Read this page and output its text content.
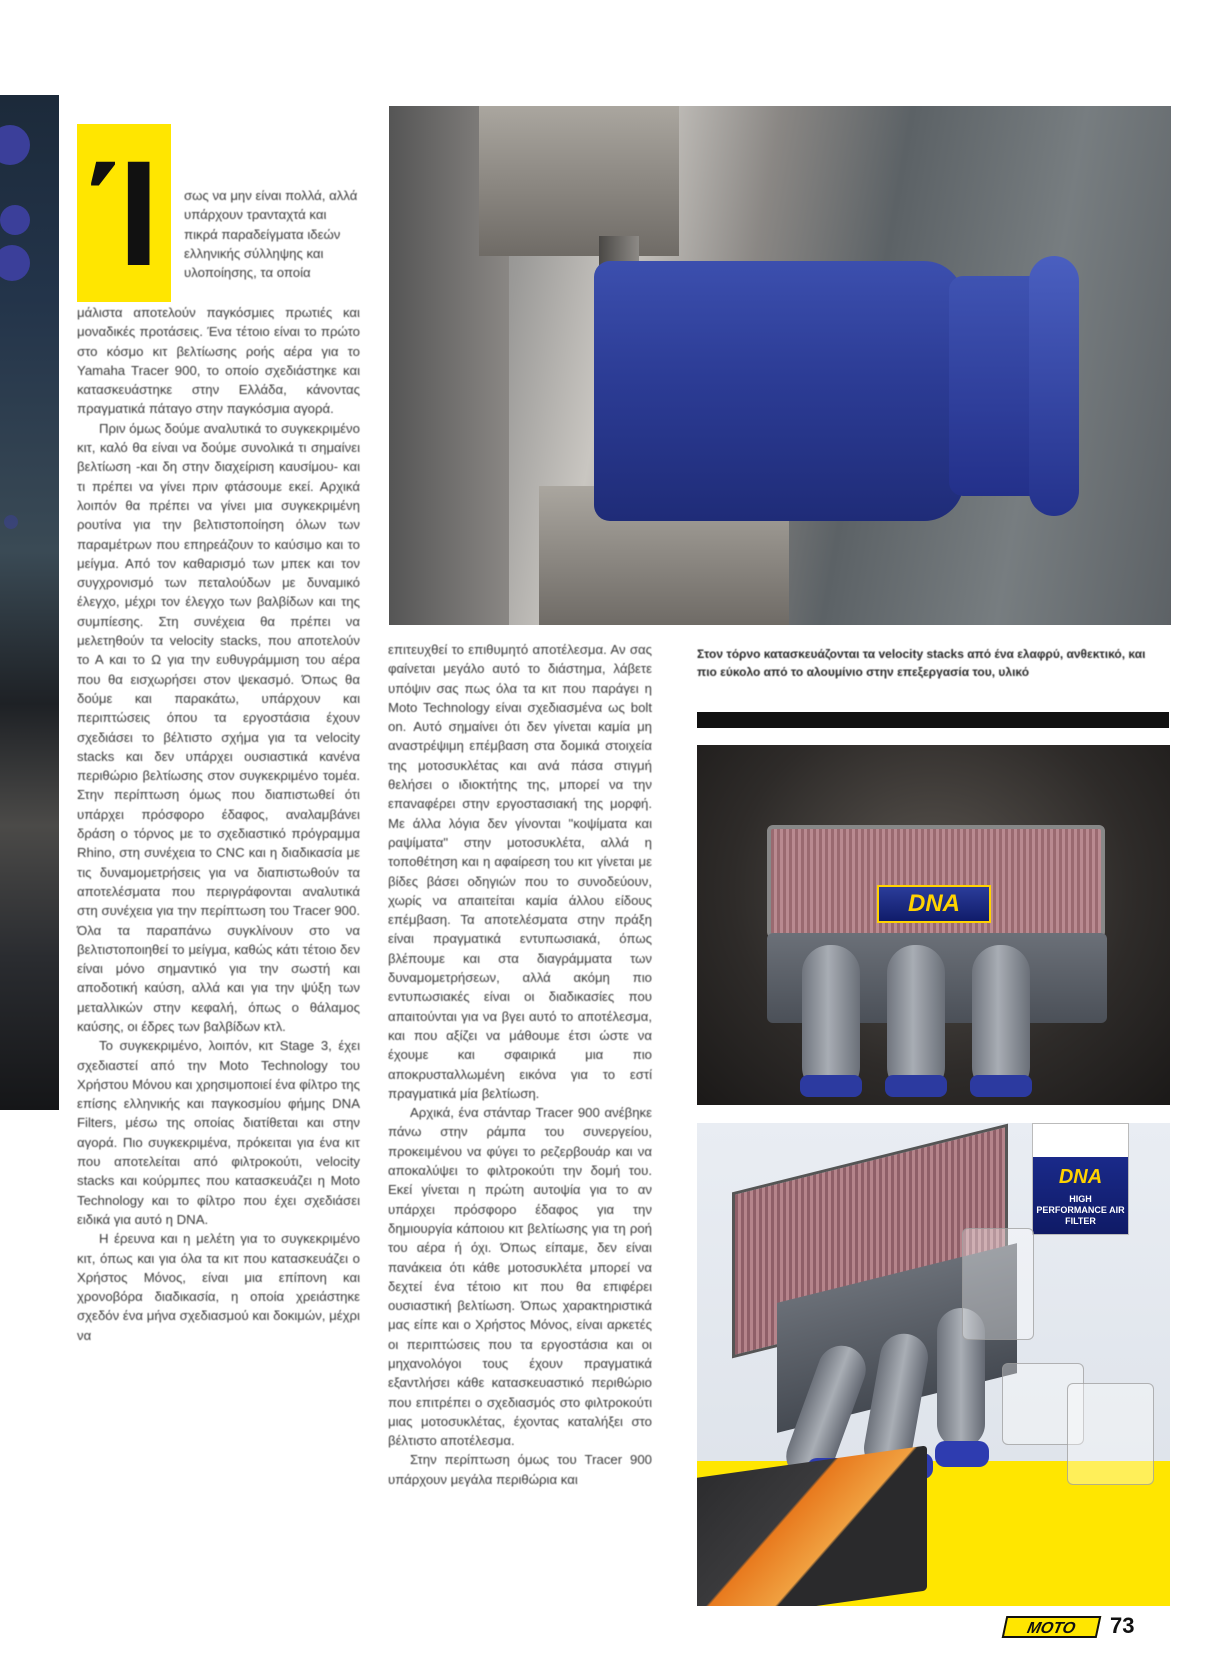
Ί	σως να μην είναι πολλά, αλλά υπάρχουν τρανταχτά και πικρά παραδείγματα ιδεών ελληνικής σύλληψης και υλοποίησης, τα οποία

μάλιστα αποτελούν παγκόσμιες πρωτιές και μοναδικές προτάσεις. Ένα τέτοιο είναι το πρώτο στο κόσμο κιτ βελτίωσης ροής αέρα για το Yamaha Tracer 900, το οποίο σχεδιάστηκε και κατασκευάστηκε στην Ελλάδα, κάνοντας πραγματικά πάταγο στην παγκόσμια αγορά.

Πριν όμως δούμε αναλυτικά το συγκεκριμένο κιτ, καλό θα είναι να δούμε συνολικά τι σημαίνει βελτίωση -και δη στην διαχείριση καυσίμου- και τι πρέπει να γίνει πριν φτάσουμε εκεί. Αρχικά λοιπόν θα πρέπει να γίνει μια συγκεκριμένη ρουτίνα για την βελτιστοποίηση όλων των παραμέτρων που επηρεάζουν το καύσιμο και το μείγμα. Από τον καθαρισμό των μπεκ και τον συγχρονισμό των πεταλούδων με δυναμικό έλεγχο, μέχρι τον έλεγχο των βαλβίδων και της συμπίεσης. Στη συνέχεια θα πρέπει να μελετηθούν τα velocity stacks, που αποτελούν το Α και το Ω για την ευθυγράμμιση του αέρα που θα εισχωρήσει στον ψεκασμό. Όπως θα δούμε και παρακάτω, υπάρχουν και περιπτώσεις όπου τα εργοστάσια έχουν σχεδιάσει το βέλτιστο σχήμα για τα velocity stacks και δεν υπάρχει ουσιαστικά κανένα περιθώριο βελτίωσης στον συγκεκριμένο τομέα. Στην περίπτωση όμως που διαπιστωθεί ότι υπάρχει πρόσφορο έδαφος, αναλαμβάνει δράση ο τόρνος με το σχεδιαστικό πρόγραμμα Rhino, στη συνέχεια το CNC και η διαδικασία με τις δυναμομετρήσεις για να διαπιστωθούν τα αποτελέσματα που περιγράφονται αναλυτικά στη συνέχεια για την περίπτωση του Tracer 900. Όλα τα παραπάνω συγκλίνουν στο να βελτιστοποιηθεί το μείγμα, καθώς κάτι τέτοιο δεν είναι μόνο σημαντικό για την σωστή και αποδοτική καύση, αλλά και για την ψύξη των μεταλλικών στην κεφαλή, όπως ο θάλαμος καύσης, οι έδρες των βαλβίδων κτλ.

Το συγκεκριμένο, λοιπόν, κιτ Stage 3, έχει σχεδιαστεί από την Moto Technology του Χρήστου Μόνου και χρησιμοποιεί ένα φίλτρο της επίσης ελληνικής και παγκοσμίου φήμης DNA Filters, μέσω της οποίας διατίθεται και στην αγορά. Πιο συγκεκριμένα, πρόκειται για ένα κιτ που αποτελείται από φιλτροκούτι, velocity stacks και κούρμπες που κατασκευάζει η Moto Technology και το φίλτρο που έχει σχεδιάσει ειδικά για αυτό η DNA.

Η έρευνα και η μελέτη για το συγκεκριμένο κιτ, όπως και για όλα τα κιτ που κατασκευάζει ο Χρήστος Μόνος, είναι μια επίπονη και χρονοβόρα διαδικασία, η οποία χρειάστηκε σχεδόν ένα μήνα σχεδιασμού και δοκιμών, μέχρι να

Στον τόρνο κατασκευάζονται τα velocity stacks από ένα ελαφρύ, ανθεκτικό, και πιο εύκολο από το αλουμίνιο στην επεξεργασία του, υλικό
DNA

επιτευχθεί το επιθυμητό αποτέλεσμα. Αν σας φαίνεται μεγάλο αυτό το διάστημα, λάβετε υπόψιν σας πως όλα τα κιτ που παράγει η Moto Technology είναι σχεδιασμένα ως bolt on. Αυτό σημαίνει ότι δεν γίνεται καμία μη αναστρέψιμη επέμβαση στα δομικά στοιχεία της μοτοσυκλέτας και ανά πάσα στιγμή θελήσει ο ιδιοκτήτης της, μπορεί να την επαναφέρει στην εργοστασιακή της μορφή. Με άλλα λόγια δεν γίνονται "κοψίματα και ραψίματα" στην μοτοσυκλέτα, αλλά η τοποθέτηση και η αφαίρεση του κιτ γίνεται με βίδες βάσει οδηγιών που το συνοδεύουν, χωρίς να απαιτείται καμία άλλου είδους επέμβαση. Τα αποτελέσματα στην πράξη είναι πραγματικά εντυπωσιακά, όπως βλέπουμε και στα διαγράμματα των δυναμομετρήσεων, αλλά ακόμη πιο εντυπωσιακές είναι οι διαδικασίες που απαιτούνται για να βγει αυτό το αποτέλεσμα, και που αξίζει να μάθουμε έτσι ώστε να έχουμε και σφαιρικά μια πιο αποκρυσταλλωμένη εικόνα για το εστί πραγματικά μία βελτίωση.

Αρχικά, ένα στάνταρ Tracer 900 ανέβηκε πάνω στην ράμπα του συνεργείου, προκειμένου να φύγει το ρεζερβουάρ και να αποκαλύψει το φιλτροκούτι την δομή του. Εκεί γίνεται η πρώτη αυτοψία για το αν υπάρχει πρόσφορο έδαφος για την δημιουργία κάποιου κιτ βελτίωσης για τη ροή του αέρα ή όχι. Όπως είπαμε, δεν είναι πανάκεια ότι κάθε μοτοσυκλέτα μπορεί να δεχτεί ένα τέτοιο κιτ που θα επιφέρει ουσιαστική βελτίωση. Όπως χαρακτηριστικά μας είπε και ο Χρήστος Μόνος, είναι αρκετές οι περιπτώσεις που τα εργοστάσια και οι μηχανολόγοι τους έχουν πραγματικά εξαντλήσει κάθε κατασκευαστικό περιθώριο που επιτρέπει ο σχεδιασμός στο φιλτροκούτι μιας μοτοσυκλέτας, έχοντας καταλήξει στο βέλτιστο αποτέλεσμα.

Στην περίπτωση όμως του Tracer 900 υπάρχουν μεγάλα περιθώρια και

DNA
HIGH PERFORMANCE AIR FILTER
MOTO	73
